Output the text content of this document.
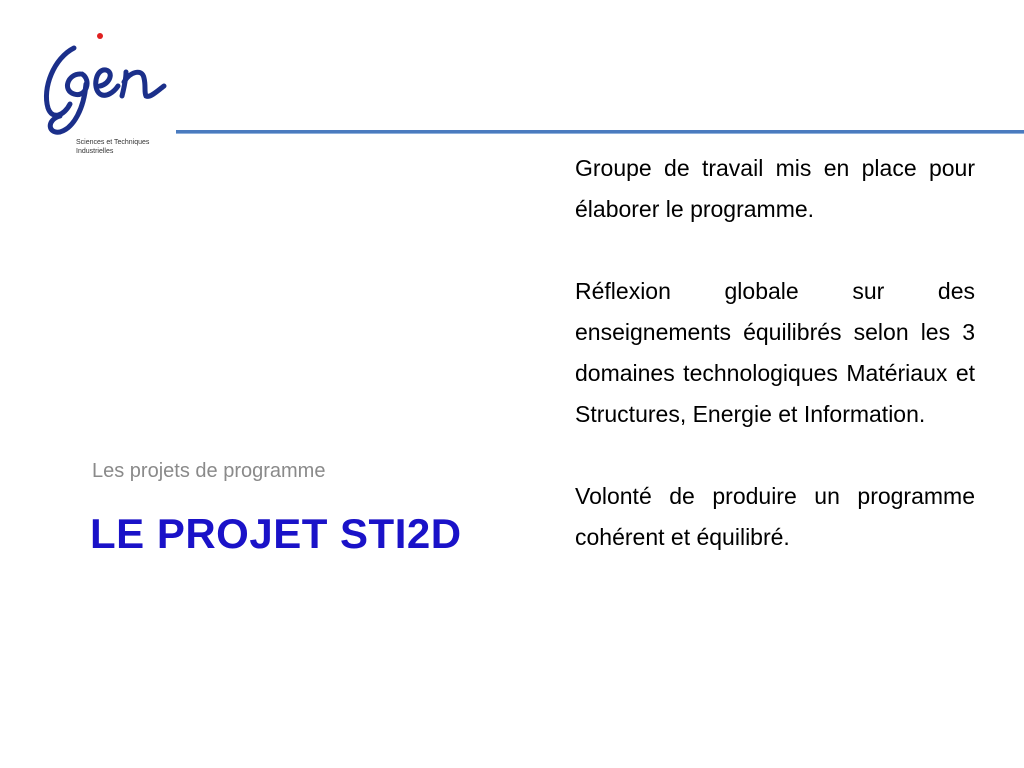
Sciences et Techniques
Industrielles
Les projets de programme
LE PROJET STI2D

Groupe de travail mis en place pour élaborer le programme.

Réflexion globale sur des enseignements équilibrés selon les 3 domaines technologiques Matériaux et Structures, Energie et Information.

Volonté de produire un programme cohérent et équilibré.
